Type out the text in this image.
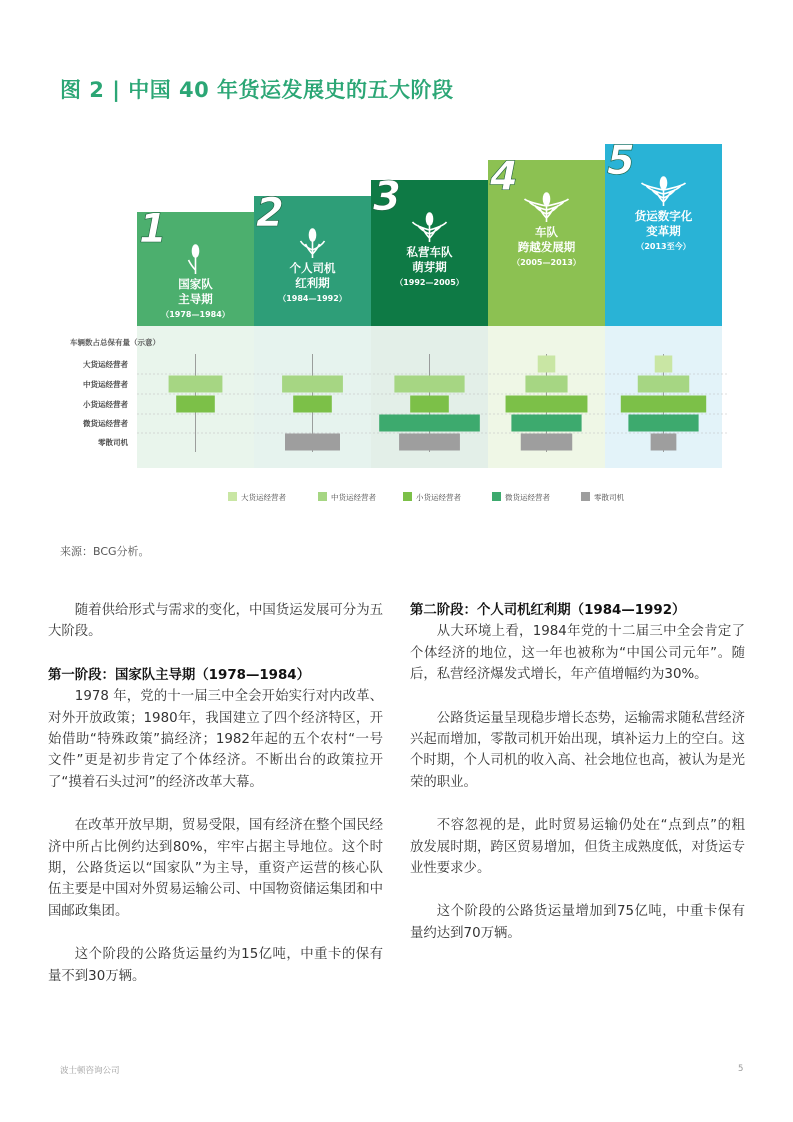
图 2 | 中国 40 年货运发展史的五大阶段
1
国家队
主导期
（1978—1984）
2
个人司机
红利期
（1984—1992）
3
私营车队
萌芽期
（1992—2005）
4
车队
跨越发展期
（2005—2013）
5
货运数字化
变革期
（2013至今）
车辆数占总保有量（示意）
大货运经营者
中货运经营者
小货运经营者
微货运经营者
零散司机
大货运经营者	中货运经营者	小货运经营者	微货运经营者	零散司机
来源：BCG分析。

随着供给形式与需求的变化，中国货运发展可分为五大阶段。

第一阶段：国家队主导期（1978—1984）

1978 年，党的十一届三中全会开始实行对内改革、对外开放政策；1980年，我国建立了四个经济特区，开始借助“特殊政策”搞经济；1982年起的五个农村“一号文件”更是初步肯定了个体经济。不断出台的政策拉开了“摸着石头过河”的经济改革大幕。

在改革开放早期，贸易受限，国有经济在整个国民经济中所占比例约达到80%，牢牢占据主导地位。这个时期，公路货运以“国家队”为主导，重资产运营的核心队伍主要是中国对外贸易运输公司、中国物资储运集团和中国邮政集团。

这个阶段的公路货运量约为15亿吨，中重卡的保有量不到30万辆。

第二阶段：个人司机红利期（1984—1992）

从大环境上看，1984年党的十二届三中全会肯定了个体经济的地位，这一年也被称为“中国公司元年”。随后，私营经济爆发式增长，年产值增幅约为30%。

公路货运量呈现稳步增长态势，运输需求随私营经济兴起而增加，零散司机开始出现，填补运力上的空白。这个时期，个人司机的收入高、社会地位也高，被认为是光荣的职业。

不容忽视的是，此时贸易运输仍处在“点到点”的粗放发展时期，跨区贸易增加，但货主成熟度低，对货运专业性要求少。

这个阶段的公路货运量增加到75亿吨，中重卡保有量约达到70万辆。

波士顿咨询公司	5
